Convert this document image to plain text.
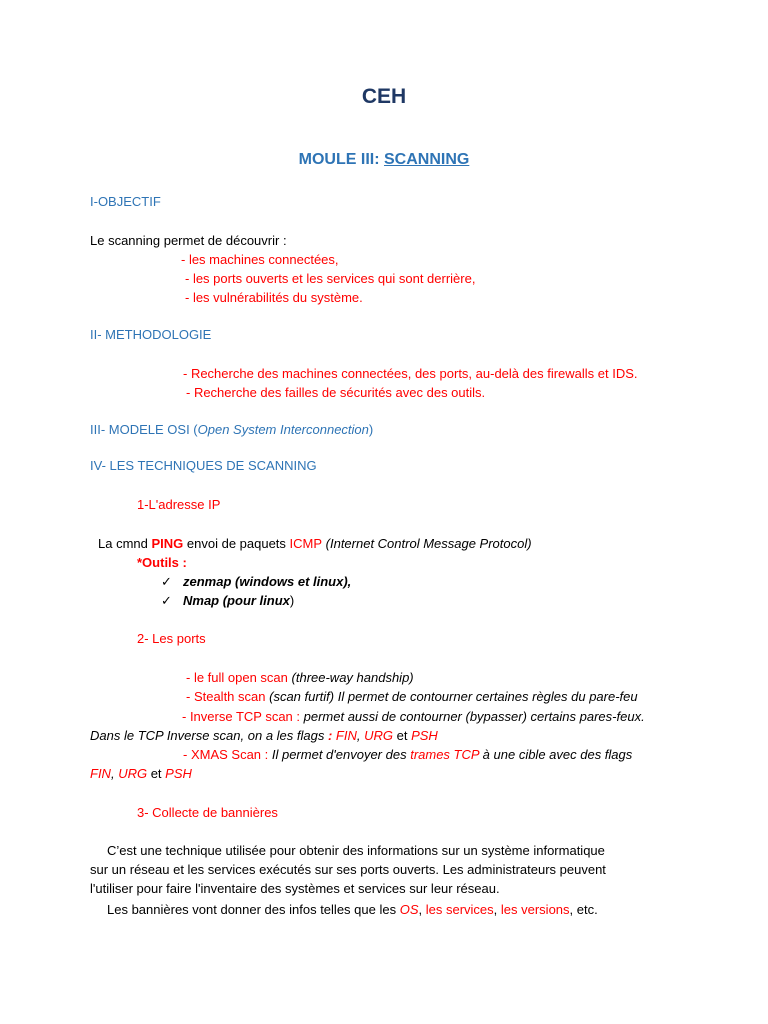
CEH
MOULE III: SCANNING
I-OBJECTIF
Le scanning permet de découvrir :
- les machines connectées,
- les ports ouverts et les services qui sont derrière,
- les vulnérabilités du système.
II- METHODOLOGIE
- Recherche des machines connectées, des ports, au-delà des firewalls et IDS.
- Recherche des failles de sécurités avec des outils.
III- MODELE OSI (Open System Interconnection)
IV- LES TECHNIQUES DE SCANNING
1-L'adresse IP
La cmnd PING envoi de paquets ICMP (Internet Control Message Protocol)
*Outils :
✓ zenmap (windows et linux),
✓ Nmap (pour linux)
2- Les ports
- le full open scan (three-way handship)
- Stealth scan (scan furtif) Il permet de contourner certaines règles du pare-feu
- Inverse TCP scan : permet aussi de contourner (bypasser) certains pares-feux.
Dans le TCP Inverse scan, on a les flags : FIN, URG et PSH
- XMAS Scan : Il permet d'envoyer des trames TCP à une cible avec des flags
FIN, URG et PSH
3- Collecte de bannières
C’est une technique utilisée pour obtenir des informations sur un système informatique
sur un réseau et les services exécutés sur ses ports ouverts. Les administrateurs peuvent
l'utiliser pour faire l'inventaire des systèmes et services sur leur réseau.
Les bannières vont donner des infos telles que les OS, les services, les versions, etc.
